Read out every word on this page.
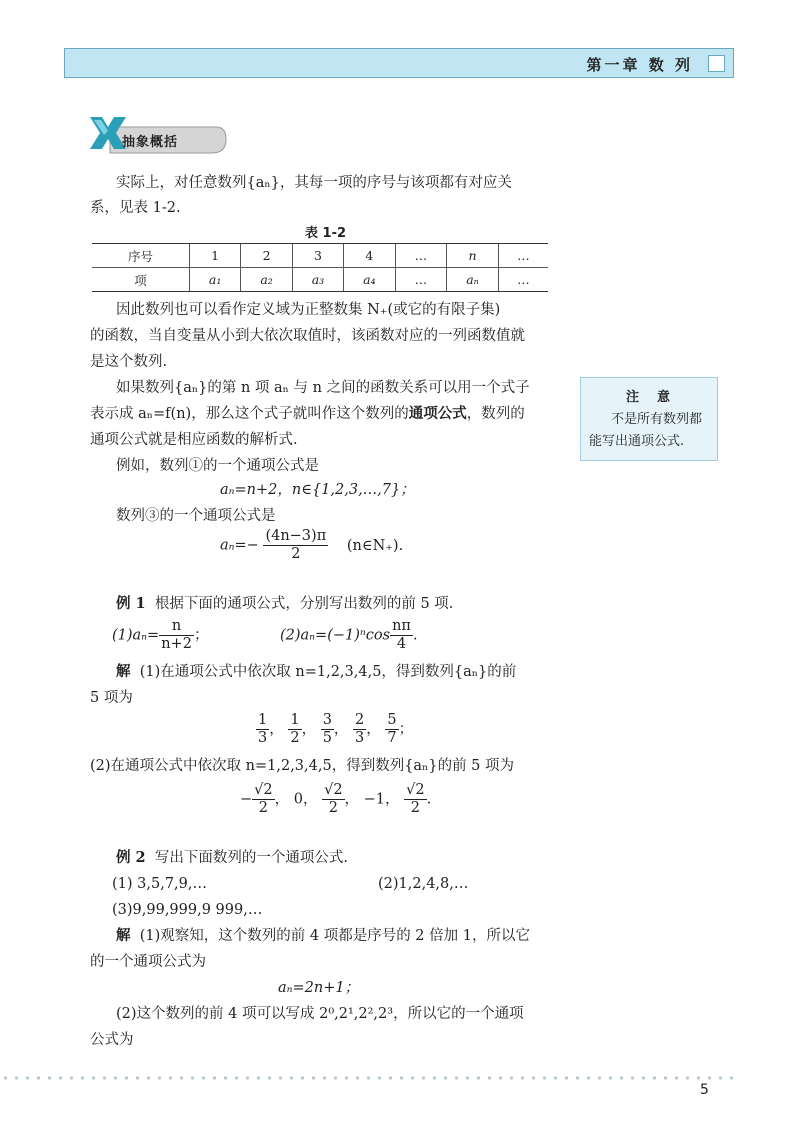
第一章 数 列
抽象概括
实际上，对任意数列{aₙ}，其每一项的序号与该项都有对应关
系，见表 1-2.
表 1-2
序号	1	2	3	4	…	n	…
项	a₁	a₂	a₃	a₄	…	aₙ	…
因此数列也可以看作定义域为正整数集 N₊(或它的有限子集)
的函数，当自变量从小到大依次取值时，该函数对应的一列函数值就
是这个数列.
如果数列{aₙ}的第 n 项 aₙ 与 n 之间的函数关系可以用一个式子
表示成 aₙ=f(n)，那么这个式子就叫作这个数列的通项公式，数列的
通项公式就是相应函数的解析式.
注意
不是所有数列都能写出通项公式.
例如，数列①的一个通项公式是
aₙ=n+2，n∈{1,2,3,…,7}；
数列③的一个通项公式是
$a_n=- \frac{(4n-3)\pi}{2}$ (n∈N₊).
例 1 根据下面的通项公式，分别写出数列的前 5 项.
$(1)a_n= \frac{n}{n+2}$ ；	$(2)a_n=(-1)^n\cos \frac{n\pi}{4}$ .
解 (1)在通项公式中依次取 n=1,2,3,4,5，得到数列{aₙ}的前
5 项为
$\frac{1}{3}$ ， $\frac{1}{2}$ ， $\frac{3}{5}$ ， $\frac{2}{3}$ ， $\frac{5}{7}$ ；
(2)在通项公式中依次取 n=1,2,3,4,5，得到数列{aₙ}的前 5 项为
− $\frac{√2}{2}$ ， 0， $\frac{√2}{2}$ ， −1， $\frac{√2}{2}$ .
例 2 写出下面数列的一个通项公式.
(1) 3,5,7,9,…	(2)1,2,4,8,…
(3)9,99,999,9 999,…
解 (1)观察知，这个数列的前 4 项都是序号的 2 倍加 1，所以它
的一个通项公式为
aₙ=2n+1；
(2)这个数列的前 4 项可以写成 2⁰,2¹,2²,2³，所以它的一个通项
公式为
5
